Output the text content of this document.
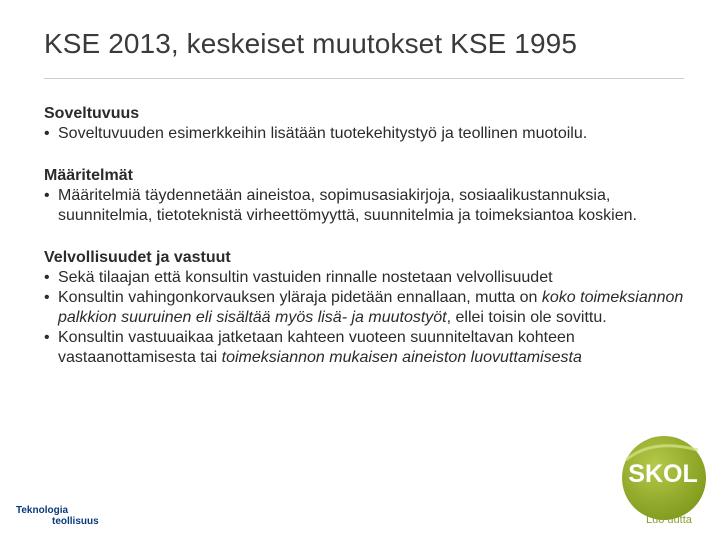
KSE 2013, keskeiset muutokset KSE 1995
Soveltuvuus
• Soveltuvuuden esimerkkeihin lisätään tuotekehitystyö ja teollinen muotoilu.
Määritelmät
• Määritelmiä täydennetään aineistoa, sopimusasiakirjoja, sosiaalikustannuksia, suunnitelmia, tietoteknistä virheettömyyttä, suunnitelmia ja toimeksiantoa koskien.
Velvollisuudet ja vastuut
• Sekä tilaajan että konsultin vastuiden rinnalle nostetaan velvollisuudet
• Konsultin vahingonkorvauksen yläraja pidetään ennallaan, mutta on koko toimeksiannon palkkion suuruinen eli sisältää myös lisä- ja muutostyöt, ellei toisin ole sovittu.
• Konsultin vastuuaikaa jatketaan kahteen vuoteen suunniteltavan kohteen vastaanottamisesta tai toimeksiannon mukaisen aineiston luovuttamisesta
Teknologia
teollisuus
SKOL
Luo uutta
